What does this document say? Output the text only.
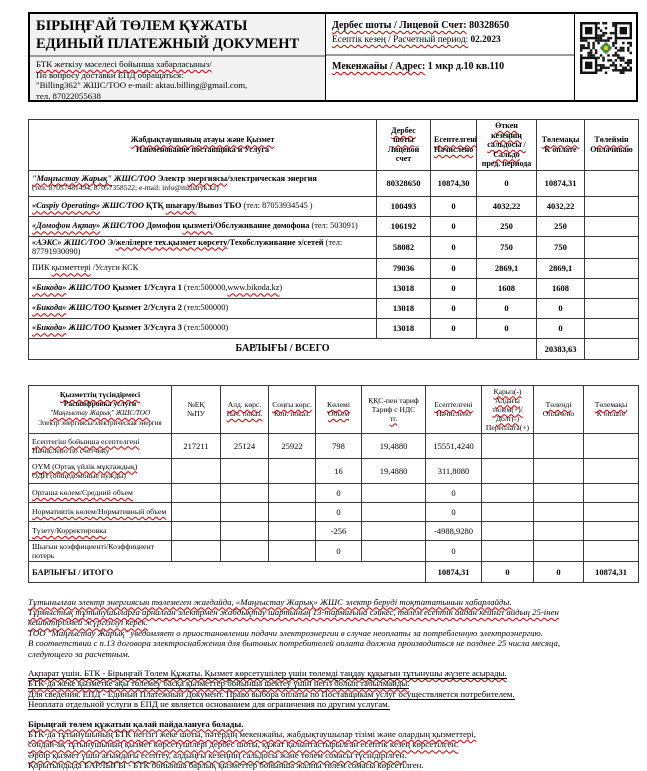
БІРЫҢҒАЙ ТӨЛЕМ ҚҰЖАТЫ
ЕДИНЫЙ ПЛАТЕЖНЫЙ ДОКУМЕНТ
БТК жеткізу мәселесі бойынша хабарласыныз/
По вопросу доставки ЕПД обращаться:
"Billing362" ЖШС/ТОО e-mail: aktau.billing@gmail.com,
тел. 87022055638
Дербес шоты / Лицевой Счет: 80328650
Есептік кезең / Расчетный период: 02.2023
Мекенжайы / Адрес: 1 мкр д.10 кв.110
Жабдықтаушының атауы және Қызмет
Наименование поставщика и Услуга

Дербес шоты
Лицевой счет

Есептелгені
Начислено

Өткен кезеңнің
сальдосы / Сальдо
пред. периода

Төлемақы
К оплате

Төлеймін
Оплачиваю

"Маңғыстау Жарық" ЖШС/ТОО Электр энергиясы/электрическая энергия
(тел: 87057481494, 87057358522; e-mail: info@mzharyk.kz)	80328650	10874,30	0	10874,31	
«Caspiy Operating» ЖШС/ТОО ҚТҚ шығару/Вывоз ТБО (тел: 87053934545 )	100493	0	4032,22	4032,22	
«Домофон Ақтау» ЖШС/ТОО Домофон қызметі/Обслуживание домофона (тел: 503091)	106192	0	250	250	
«АЭКС» ЖШС/ТОО Э/желілерге тех.қызмет көрсету/Техобслуживание э/сетей (тел: 87791930090)	58082	0	750	750	
ПИК қызметтері /Услуги КСК	79036	0	2869,1	2869,1	
«Бикода» ЖШС/ТОО Қызмет 1/Услуга 1 (тел:500000,www.bikoda.kz)	13018	0	1608	1608	
«Бикода» ЖШС/ТОО Қызмет 2/Услуга 2 (тел:500000)	13018	0	0	0	
«Бикода» ЖШС/ТОО Қызмет 3/Услуга 3 (тел:500000)	13018	0	0	0	
БАРЛЫҒЫ / ВСЕГО				20383,63	
Қызметтің түсіндірмесі
Расшифровка услуги
"Маңғыстау Жарық" ЖШС/ТОО
Электр энергиясы/электрическая энергия

№ЕҚ
№ПУ

Алд. көрс.
Нач. показ.

Соңғы көрс.
Кон. показ.

Көлемі
Объем

ҚҚС-пен тариф
Тариф с НДС
тг.

Есептелгені
Начислено

Қарыз(-)
Алдағы
төлем(+)/
Долг(-)
Переплата(+)

Төленді
Оплачено

Төлемақы
К оплате

Есептегіш бойынша есептелгені
Начислено по счетчику	217211	25124	25922	798	19,4880	15551,4240			

ОҮМ (Ортақ үйлік мұқтаждық)
ОДН (общедомовые нужды)				16	19,4880	311,8080			

Орташа көлем/Средний объем				0		0			

Нормативтік көлем/Нормативный объем				0		0			

Түзету/Корректировка				-256		-4988,9280			

Шығын коэффициенті/Коэффициент потерь				0		0			
БАРЛЫҒЫ / ИТОГО						10874,31	0	0	10874,31
Тұтынылған электр энергиясын төлемеген жағдайда, «Маңғыстау Жарық» ЖШС электр беруді тоқтататынын хабарлайды.
Тұрмыстық тұтынушыларға арналған электрмен жабдықтау шартының 13-тармағына сәйкес, төлем есептік айдан кейінгі айдың 25-інен
кешіктірілмей жүргізілуі керек.
ТОО "Маңғыстау Жарық" уведомляет о приостановлении подачи электроэнергии в случае неоплаты за потребленную электроэнергию.
В соответствии с п.13 договора электроснабжения для бытовых потребителей оплата должна производиться не позднее 25 числа месяца,
следующего за расчетным.
Ақпарат үшін. БТК - Бірыңғай Төлем Құжаты. Қызмет көрсетушілер үшін төлемді таңдау құқығын тұтынушы жүзеге асырады.
БТК-да жеке қызметке ақы төлемеу басқа қызметтер бойынша шектеу үшін негіз болып табылмайды.
Для сведения. ЕПД - Единый Платежный Документ. Право выбора оплаты по Поставщикам услуг осуществляется потребителем.
Неоплата отдельной услуги в ЕПД не является основанием для ограничения по другим услугам.
Бірыңғай төлем құжатын қалай пайдалануға болады.
БТК-да тұтынушының БТК негізгі жеке шоты, пәтердің мекенжайы, жабдықтаушылар тізімі және олардың қызметтері,
сондай-ақ тұтынушының қызмет көрсетушілері дербес шоты, құжат қалыптастырылған есептік кезең көрсетілген.
Әрбір қызмет үшін ағымдағы есептеу, алдыңғы кезеңнің сальдосы және төлем сомасы түсіндірілген.
Қорытындыда БАРЛЫҒЫ - БТК бойынша барлық қызметтер бойынша жалпы төлем сомасы көрсетілген.
